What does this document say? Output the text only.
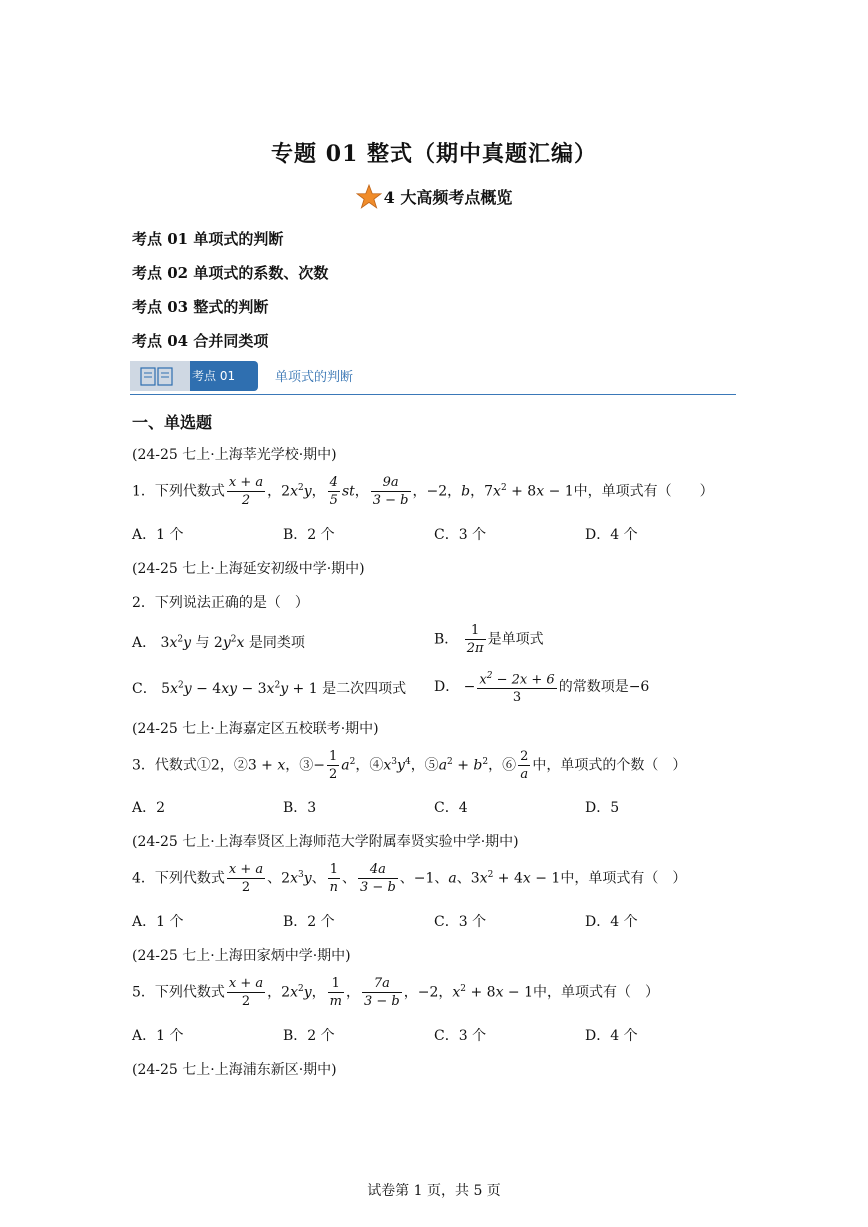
专题 01 整式（期中真题汇编）
4 大高频考点概览
考点 01 单项式的判断
考点 02 单项式的系数、次数
考点 03 整式的判断
考点 04 合并同类项
考点 01	单项式的判断
一、单选题
(24-25 七上·上海莘光学校·期中)
1．下列代数式 $\frac{x + a}{2}$ ，$2x^2y$， $\frac{4}{5}$ st， $\frac{9a}{3 - b}$ ，−2，b，$7x^2 + 8x - 1$中，单项式有（　　）
A．1 个	B．2 个	C．3 个	D．4 个
(24-25 七上·上海延安初级中学·期中)
2．下列说法正确的是（　）
A． $3x^2y$ 与 $2y^2x$ 是同类项	B． $\frac{1}{2\pi}$ 是单项式
C． $5x^2y - 4xy - 3x^2y + 1$ 是二次四项式 D． − $\frac{x^2 - 2x + 6}{3}$ 的常数项是−6
(24-25 七上·上海嘉定区五校联考·期中)
3．代数式①2，②3 + x，③− $\frac{1}{2} a^2$，$④x^3y^4$，$⑤a^2 + b^2$，⑥ $\frac{2}{a}$ 中，单项式的个数（　）
A．2	B．3	C．4	D．5
(24-25 七上·上海奉贤区上海师范大学附属奉贤实验中学·期中)
4．下列代数式 $\frac{x + a}{2}$ 、$2x^3y$、 $\frac{1}{n}$ 、 $\frac{4a}{3 - b}$ 、−1、a、$3x^2 + 4x - 1$中，单项式有（　）
A．1 个	B．2 个	C．3 个	D．4 个
(24-25 七上·上海田家炳中学·期中)
5．下列代数式 $\frac{x + a}{2}$ ，$2x^2y$， $\frac{1}{m}$ ， $\frac{7a}{3 - b}$ ，−2，$x^2 + 8x - 1$中，单项式有（　）
A．1 个	B．2 个	C．3 个	D．4 个
(24-25 七上·上海浦东新区·期中)
试卷第 1 页，共 5 页
